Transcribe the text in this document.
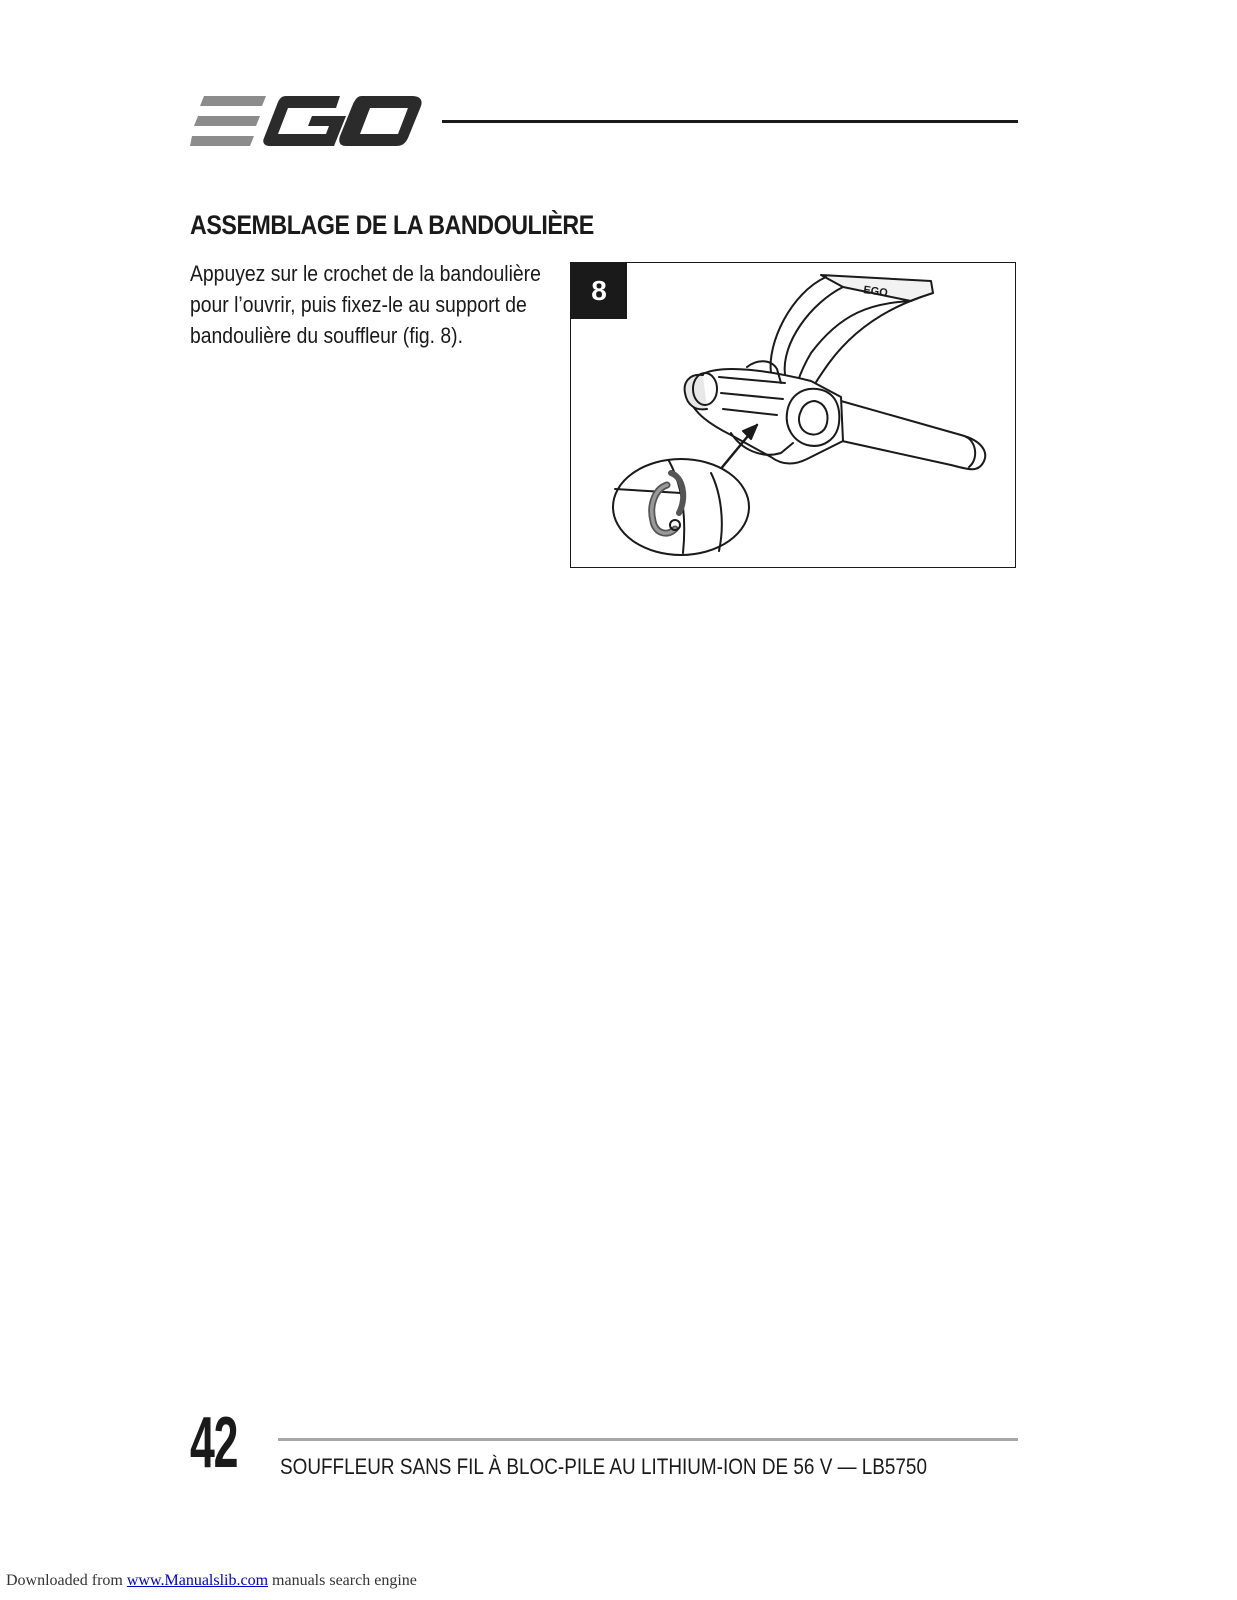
ASSEMBLAGE DE LA BANDOULIÈRE

Appuyez sur le crochet de la bandoulière pour l’ouvrir, puis fixez-le au support de bandoulière du souffleur (fig. 8).

EGO
8

42 SOUFFLEUR SANS FIL À BLOC-PILE AU LITHIUM-ION DE 56 V — LB5750

Downloaded from www.Manualslib.com manuals search engine
